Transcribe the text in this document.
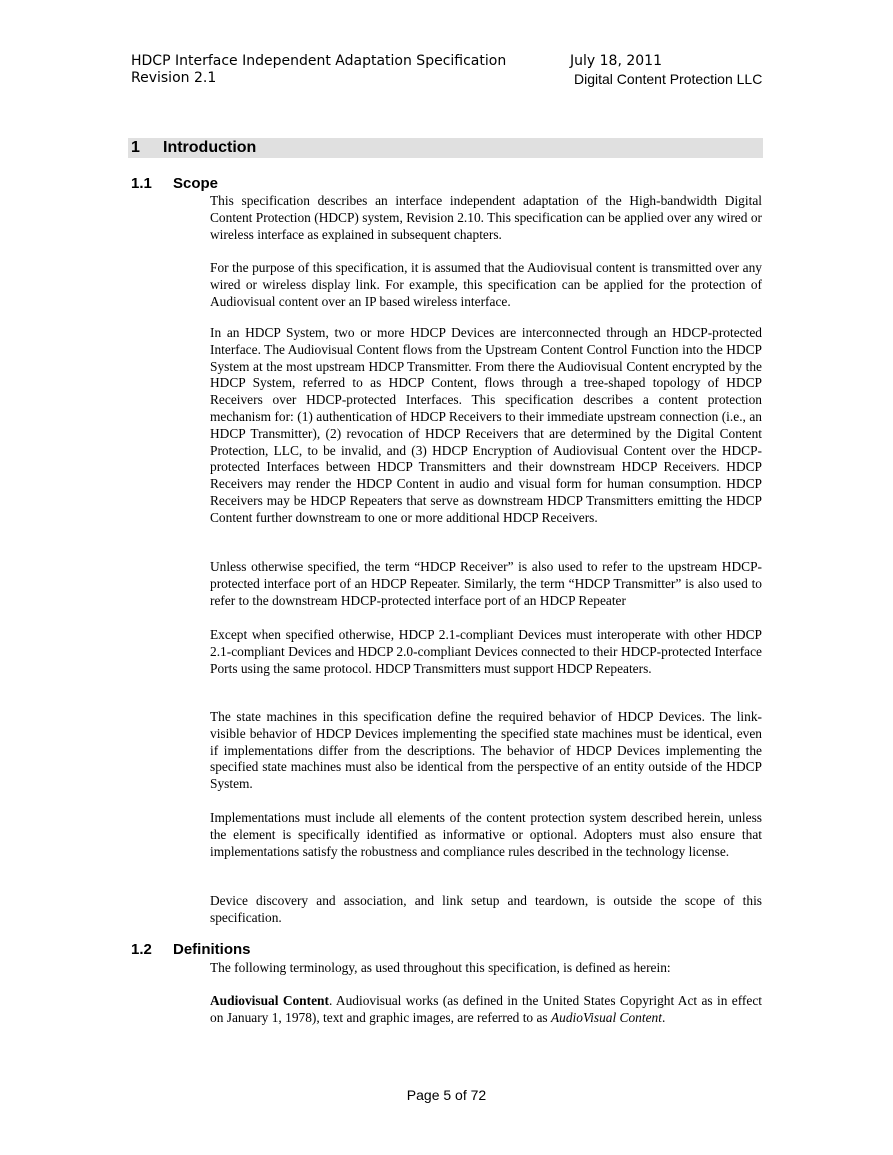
HDCP Interface Independent Adaptation Specification
Revision 2.1
July 18, 2011
Digital Content Protection LLC
1 Introduction
1.1 Scope

This specification describes an interface independent adaptation of the High-bandwidth Digital Content Protection (HDCP) system, Revision 2.10. This specification can be applied over any wired or wireless interface as explained in subsequent chapters.

For the purpose of this specification, it is assumed that the Audiovisual content is transmitted over any wired or wireless display link. For example, this specification can be applied for the protection of Audiovisual content over an IP based wireless interface.

In an HDCP System, two or more HDCP Devices are interconnected through an HDCP-protected Interface. The Audiovisual Content flows from the Upstream Content Control Function into the HDCP System at the most upstream HDCP Transmitter. From there the Audiovisual Content encrypted by the HDCP System, referred to as HDCP Content, flows through a tree-shaped topology of HDCP Receivers over HDCP-protected Interfaces. This specification describes a content protection mechanism for: (1) authentication of HDCP Receivers to their immediate upstream connection (i.e., an HDCP Transmitter), (2) revocation of HDCP Receivers that are determined by the Digital Content Protection, LLC, to be invalid, and (3) HDCP Encryption of Audiovisual Content over the HDCP-protected Interfaces between HDCP Transmitters and their downstream HDCP Receivers. HDCP Receivers may render the HDCP Content in audio and visual form for human consumption. HDCP Receivers may be HDCP Repeaters that serve as downstream HDCP Transmitters emitting the HDCP Content further downstream to one or more additional HDCP Receivers.

Unless otherwise specified, the term “HDCP Receiver” is also used to refer to the upstream HDCP-protected interface port of an HDCP Repeater. Similarly, the term “HDCP Transmitter” is also used to refer to the downstream HDCP-protected interface port of an HDCP Repeater

Except when specified otherwise, HDCP 2.1-compliant Devices must interoperate with other HDCP 2.1-compliant Devices and HDCP 2.0-compliant Devices connected to their HDCP-protected Interface Ports using the same protocol. HDCP Transmitters must support HDCP Repeaters.

The state machines in this specification define the required behavior of HDCP Devices. The link-visible behavior of HDCP Devices implementing the specified state machines must be identical, even if implementations differ from the descriptions. The behavior of HDCP Devices implementing the specified state machines must also be identical from the perspective of an entity outside of the HDCP System.

Implementations must include all elements of the content protection system described herein, unless the element is specifically identified as informative or optional. Adopters must also ensure that implementations satisfy the robustness and compliance rules described in the technology license.

Device discovery and association, and link setup and teardown, is outside the scope of this specification.

1.2 Definitions

The following terminology, as used throughout this specification, is defined as herein:

Audiovisual Content. Audiovisual works (as defined in the United States Copyright Act as in effect on January 1, 1978), text and graphic images, are referred to as AudioVisual Content.

Page 5 of 72
